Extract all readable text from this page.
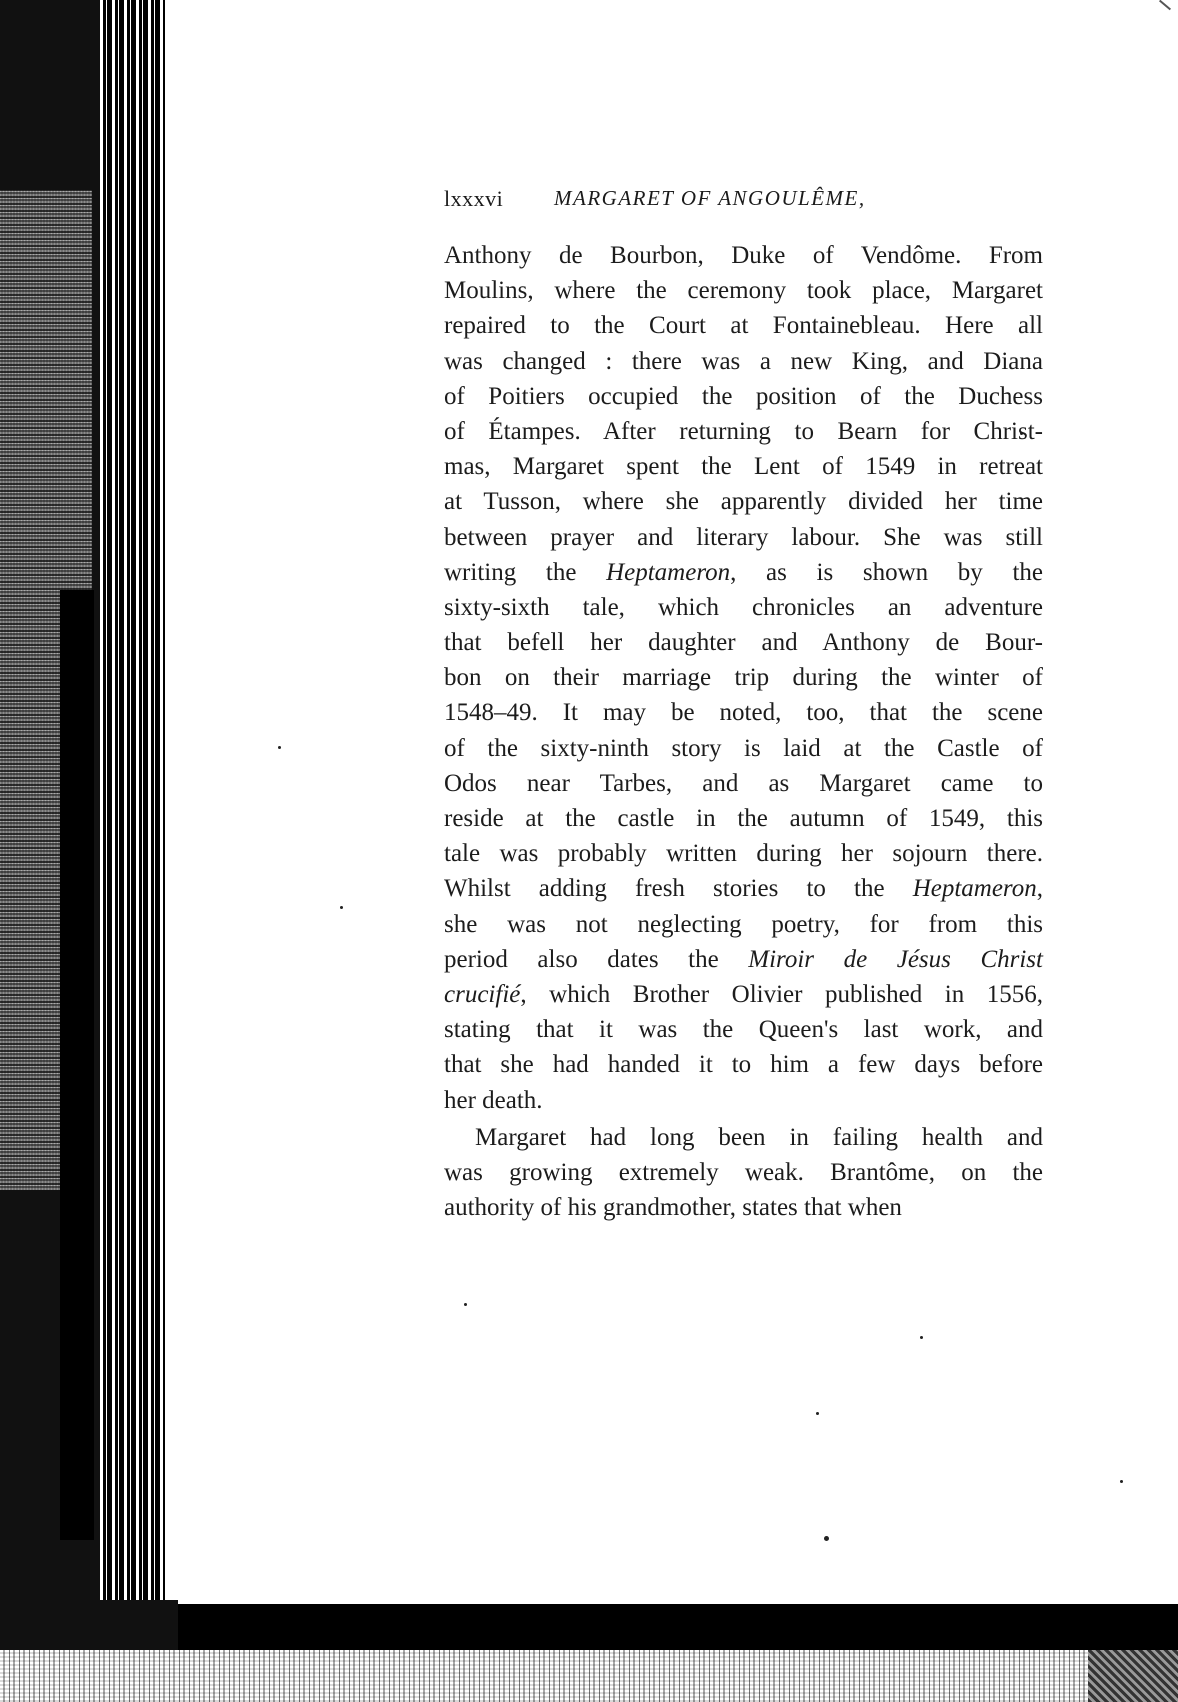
lxxxvi MARGARET OF ANGOULÊME,
Anthony de Bourbon, Duke of Vendôme. From
Moulins, where the ceremony took place, Margaret
repaired to the Court at Fontainebleau. Here all
was changed : there was a new King, and Diana
of Poitiers occupied the position of the Duchess
of Étampes. After returning to Bearn for Christ-
mas, Margaret spent the Lent of 1549 in retreat
at Tusson, where she apparently divided her time
between prayer and literary labour. She was still
writing the Heptameron, as is shown by the
sixty-sixth tale, which chronicles an adventure
that befell her daughter and Anthony de Bour-
bon on their marriage trip during the winter of
1548–49. It may be noted, too, that the scene
of the sixty-ninth story is laid at the Castle of
Odos near Tarbes, and as Margaret came to
reside at the castle in the autumn of 1549, this
tale was probably written during her sojourn there.
Whilst adding fresh stories to the Heptameron,
she was not neglecting poetry, for from this
period also dates the Miroir de Jésus Christ
crucifié, which Brother Olivier published in 1556,
stating that it was the Queen's last work, and
that she had handed it to him a few days before
her death.
Margaret had long been in failing health and
was growing extremely weak. Brantôme, on the
authority of his grandmother, states that when
